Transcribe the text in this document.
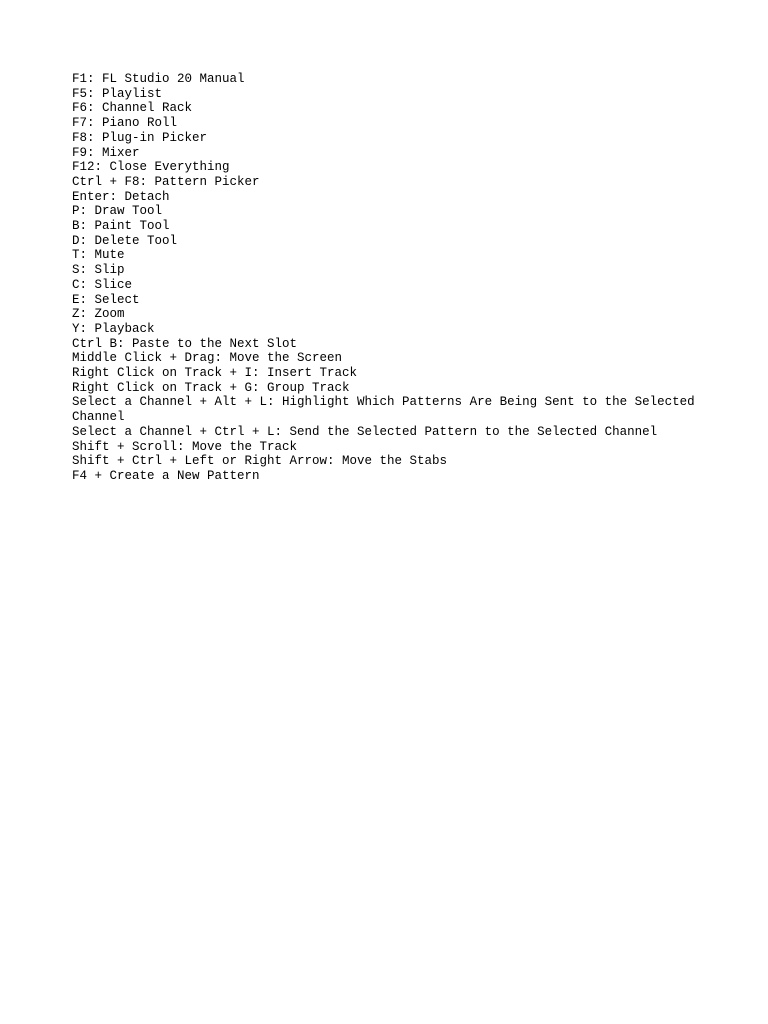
F1: FL Studio 20 Manual

F5: Playlist

F6: Channel Rack

F7: Piano Roll

F8: Plug-in Picker

F9: Mixer

F12: Close Everything

Ctrl + F8: Pattern Picker

Enter: Detach

P: Draw Tool

B: Paint Tool

D: Delete Tool

T: Mute

S: Slip

C: Slice

E: Select

Z: Zoom

Y: Playback

Ctrl B: Paste to the Next Slot

Middle Click + Drag: Move the Screen

Right Click on Track + I: Insert Track

Right Click on Track + G: Group Track

Select a Channel + Alt + L: Highlight Which Patterns Are Being Sent to the Selected
Channel

Select a Channel + Ctrl + L: Send the Selected Pattern to the Selected Channel

Shift + Scroll: Move the Track

Shift + Ctrl + Left or Right Arrow: Move the Stabs

F4 + Create a New Pattern
